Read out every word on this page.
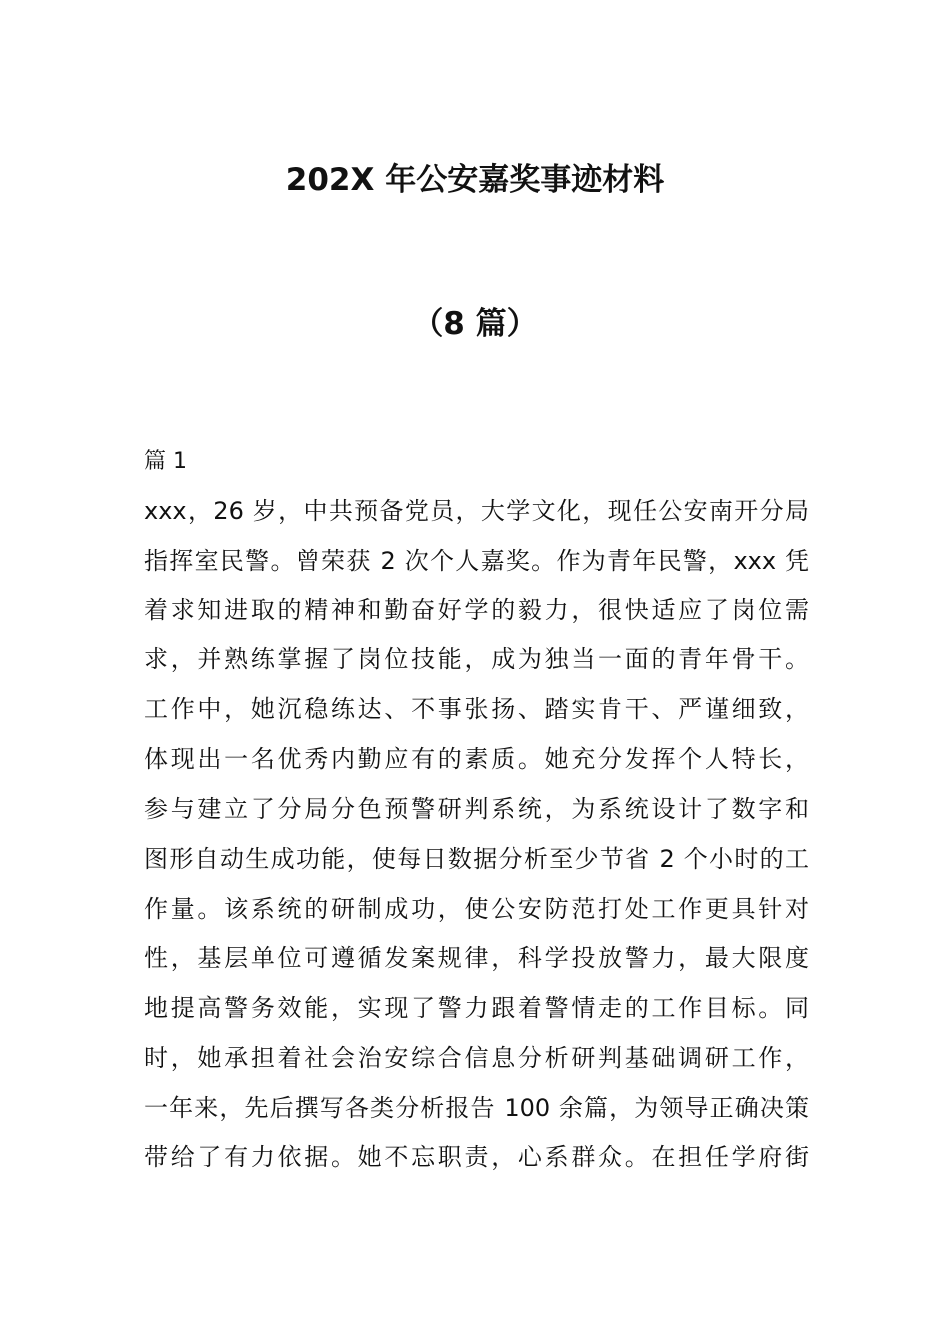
202X 年公安嘉奖事迹材料
（8 篇）

篇 1

xxx，26 岁，中共预备党员，大学文化，现任公安南开分局

指挥室民警。曾荣获 2 次个人嘉奖。作为青年民警，xxx 凭

着求知进取的精神和勤奋好学的毅力，很快适应了岗位需

求，并熟练掌握了岗位技能，成为独当一面的青年骨干。

工作中，她沉稳练达、不事张扬、踏实肯干、严谨细致，

体现出一名优秀内勤应有的素质。她充分发挥个人特长，

参与建立了分局分色预警研判系统，为系统设计了数字和

图形自动生成功能，使每日数据分析至少节省 2 个小时的工

作量。该系统的研制成功，使公安防范打处工作更具针对

性，基层单位可遵循发案规律，科学投放警力，最大限度

地提高警务效能，实现了警力跟着警情走的工作目标。同

时，她承担着社会治安综合信息分析研判基础调研工作，

一年来，先后撰写各类分析报告 100 余篇，为领导正确决策

带给了有力依据。她不忘职责，心系群众。在担任学府街
